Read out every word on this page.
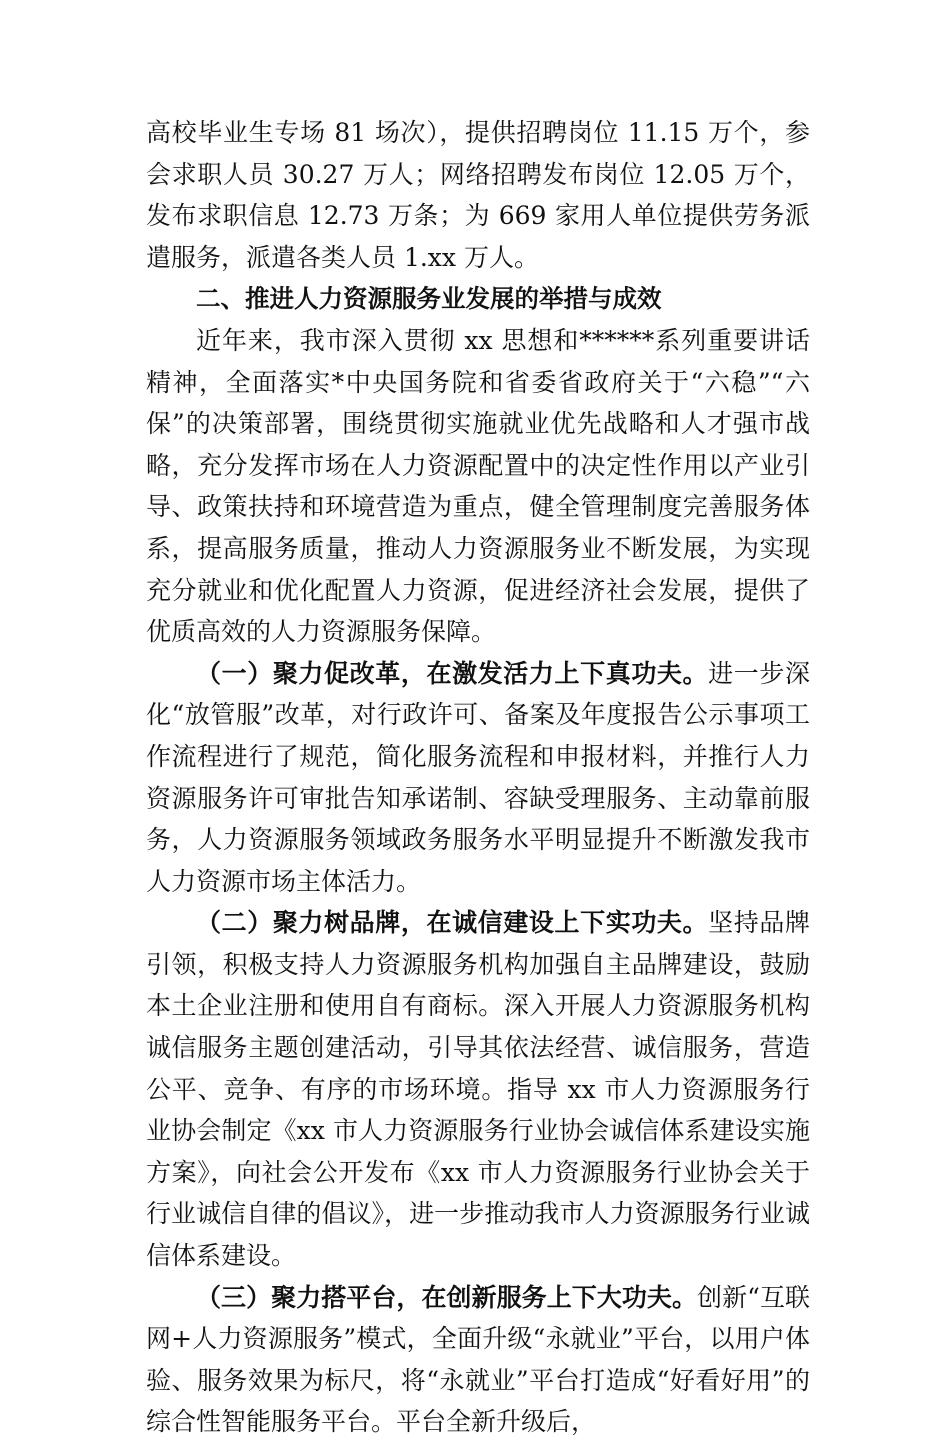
高校毕业生专场 81 场次），提供招聘岗位 11.15 万个，参会求职人员 30.27 万人；网络招聘发布岗位 12.05 万个，发布求职信息 12.73 万条；为 669 家用人单位提供劳务派遣服务，派遣各类人员 1.xx 万人。

二、推进人力资源服务业发展的举措与成效

近年来，我市深入贯彻 xx 思想和******系列重要讲话精神，全面落实*中央国务院和省委省政府关于“六稳”“六保”的决策部署，围绕贯彻实施就业优先战略和人才强市战略，充分发挥市场在人力资源配置中的决定性作用以产业引导、政策扶持和环境营造为重点，健全管理制度完善服务体系，提高服务质量，推动人力资源服务业不断发展，为实现充分就业和优化配置人力资源，促进经济社会发展，提供了优质高效的人力资源服务保障。

（一）聚力促改革，在激发活力上下真功夫。进一步深化“放管服”改革，对行政许可、备案及年度报告公示事项工作流程进行了规范，简化服务流程和申报材料，并推行人力资源服务许可审批告知承诺制、容缺受理服务、主动靠前服务，人力资源服务领域政务服务水平明显提升不断激发我市人力资源市场主体活力。

（二）聚力树品牌，在诚信建设上下实功夫。坚持品牌引领，积极支持人力资源服务机构加强自主品牌建设，鼓励本土企业注册和使用自有商标。深入开展人力资源服务机构诚信服务主题创建活动，引导其依法经营、诚信服务，营造公平、竞争、有序的市场环境。指导 xx 市人力资源服务行业协会制定《xx 市人力资源服务行业协会诚信体系建设实施方案》，向社会公开发布《xx 市人力资源服务行业协会关于行业诚信自律的倡议》，进一步推动我市人力资源服务行业诚信体系建设。

（三）聚力搭平台，在创新服务上下大功夫。创新“互联网+人力资源服务”模式，全面升级“永就业”平台，以用户体验、服务效果为标尺，将“永就业”平台打造成“好看好用”的综合性智能服务平台。平台全新升级后，
